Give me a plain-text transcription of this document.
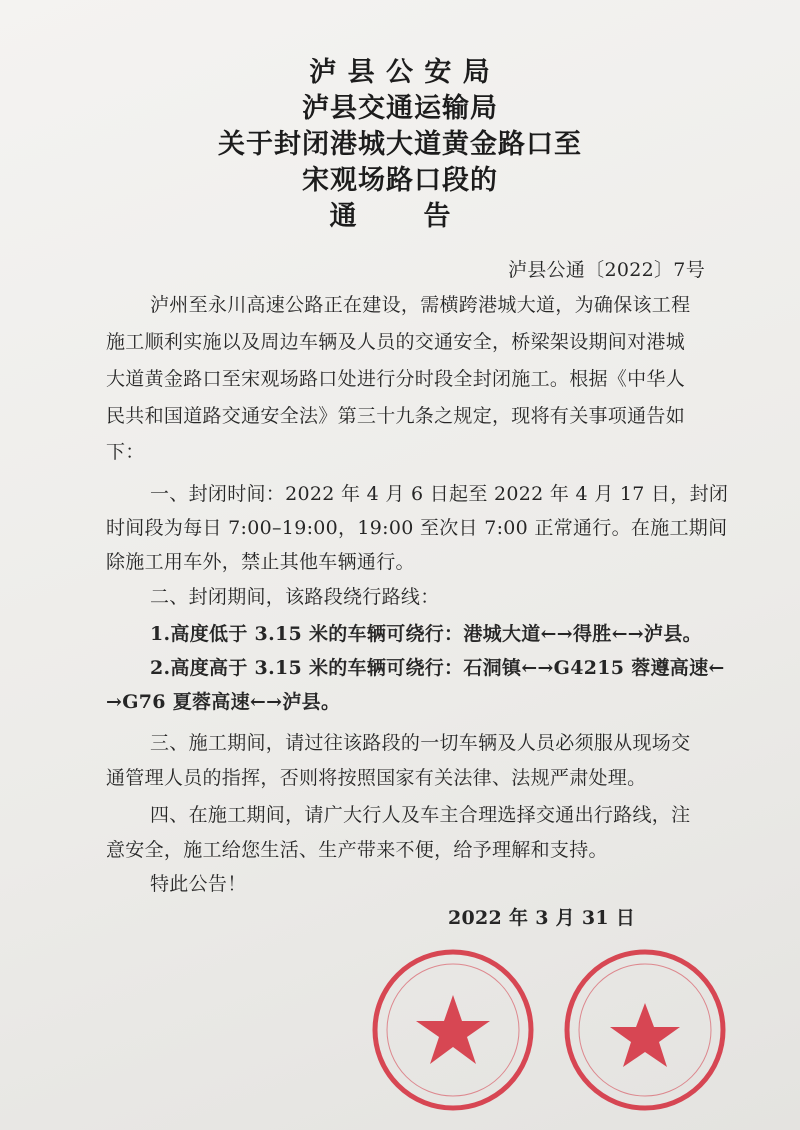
泸 县 公 安 局
泸县交通运输局
关于封闭港城大道黄金路口至
宋观场路口段的
通　告
泸县公通〔2022〕7号
泸州至永川高速公路正在建设，需横跨港城大道，为确保该工程
施工顺利实施以及周边车辆及人员的交通安全，桥梁架设期间对港城
大道黄金路口至宋观场路口处进行分时段全封闭施工。根据《中华人
民共和国道路交通安全法》第三十九条之规定，现将有关事项通告如
下：
一、封闭时间：2022 年 4 月 6 日起至 2022 年 4 月 17 日，封闭
时间段为每日 7:00–19:00，19:00 至次日 7:00 正常通行。在施工期间
除施工用车外，禁止其他车辆通行。
二、封闭期间，该路段绕行路线：
1.高度低于 3.15 米的车辆可绕行：港城大道←→得胜←→泸县。
2.高度高于 3.15 米的车辆可绕行：石洞镇←→G4215 蓉遵高速←
→G76 夏蓉高速←→泸县。
三、施工期间，请过往该路段的一切车辆及人员必须服从现场交
通管理人员的指挥，否则将按照国家有关法律、法规严肃处理。
四、在施工期间，请广大行人及车主合理选择交通出行路线，注
意安全，施工给您生活、生产带来不便，给予理解和支持。
特此公告！
2022 年 3 月 31 日
